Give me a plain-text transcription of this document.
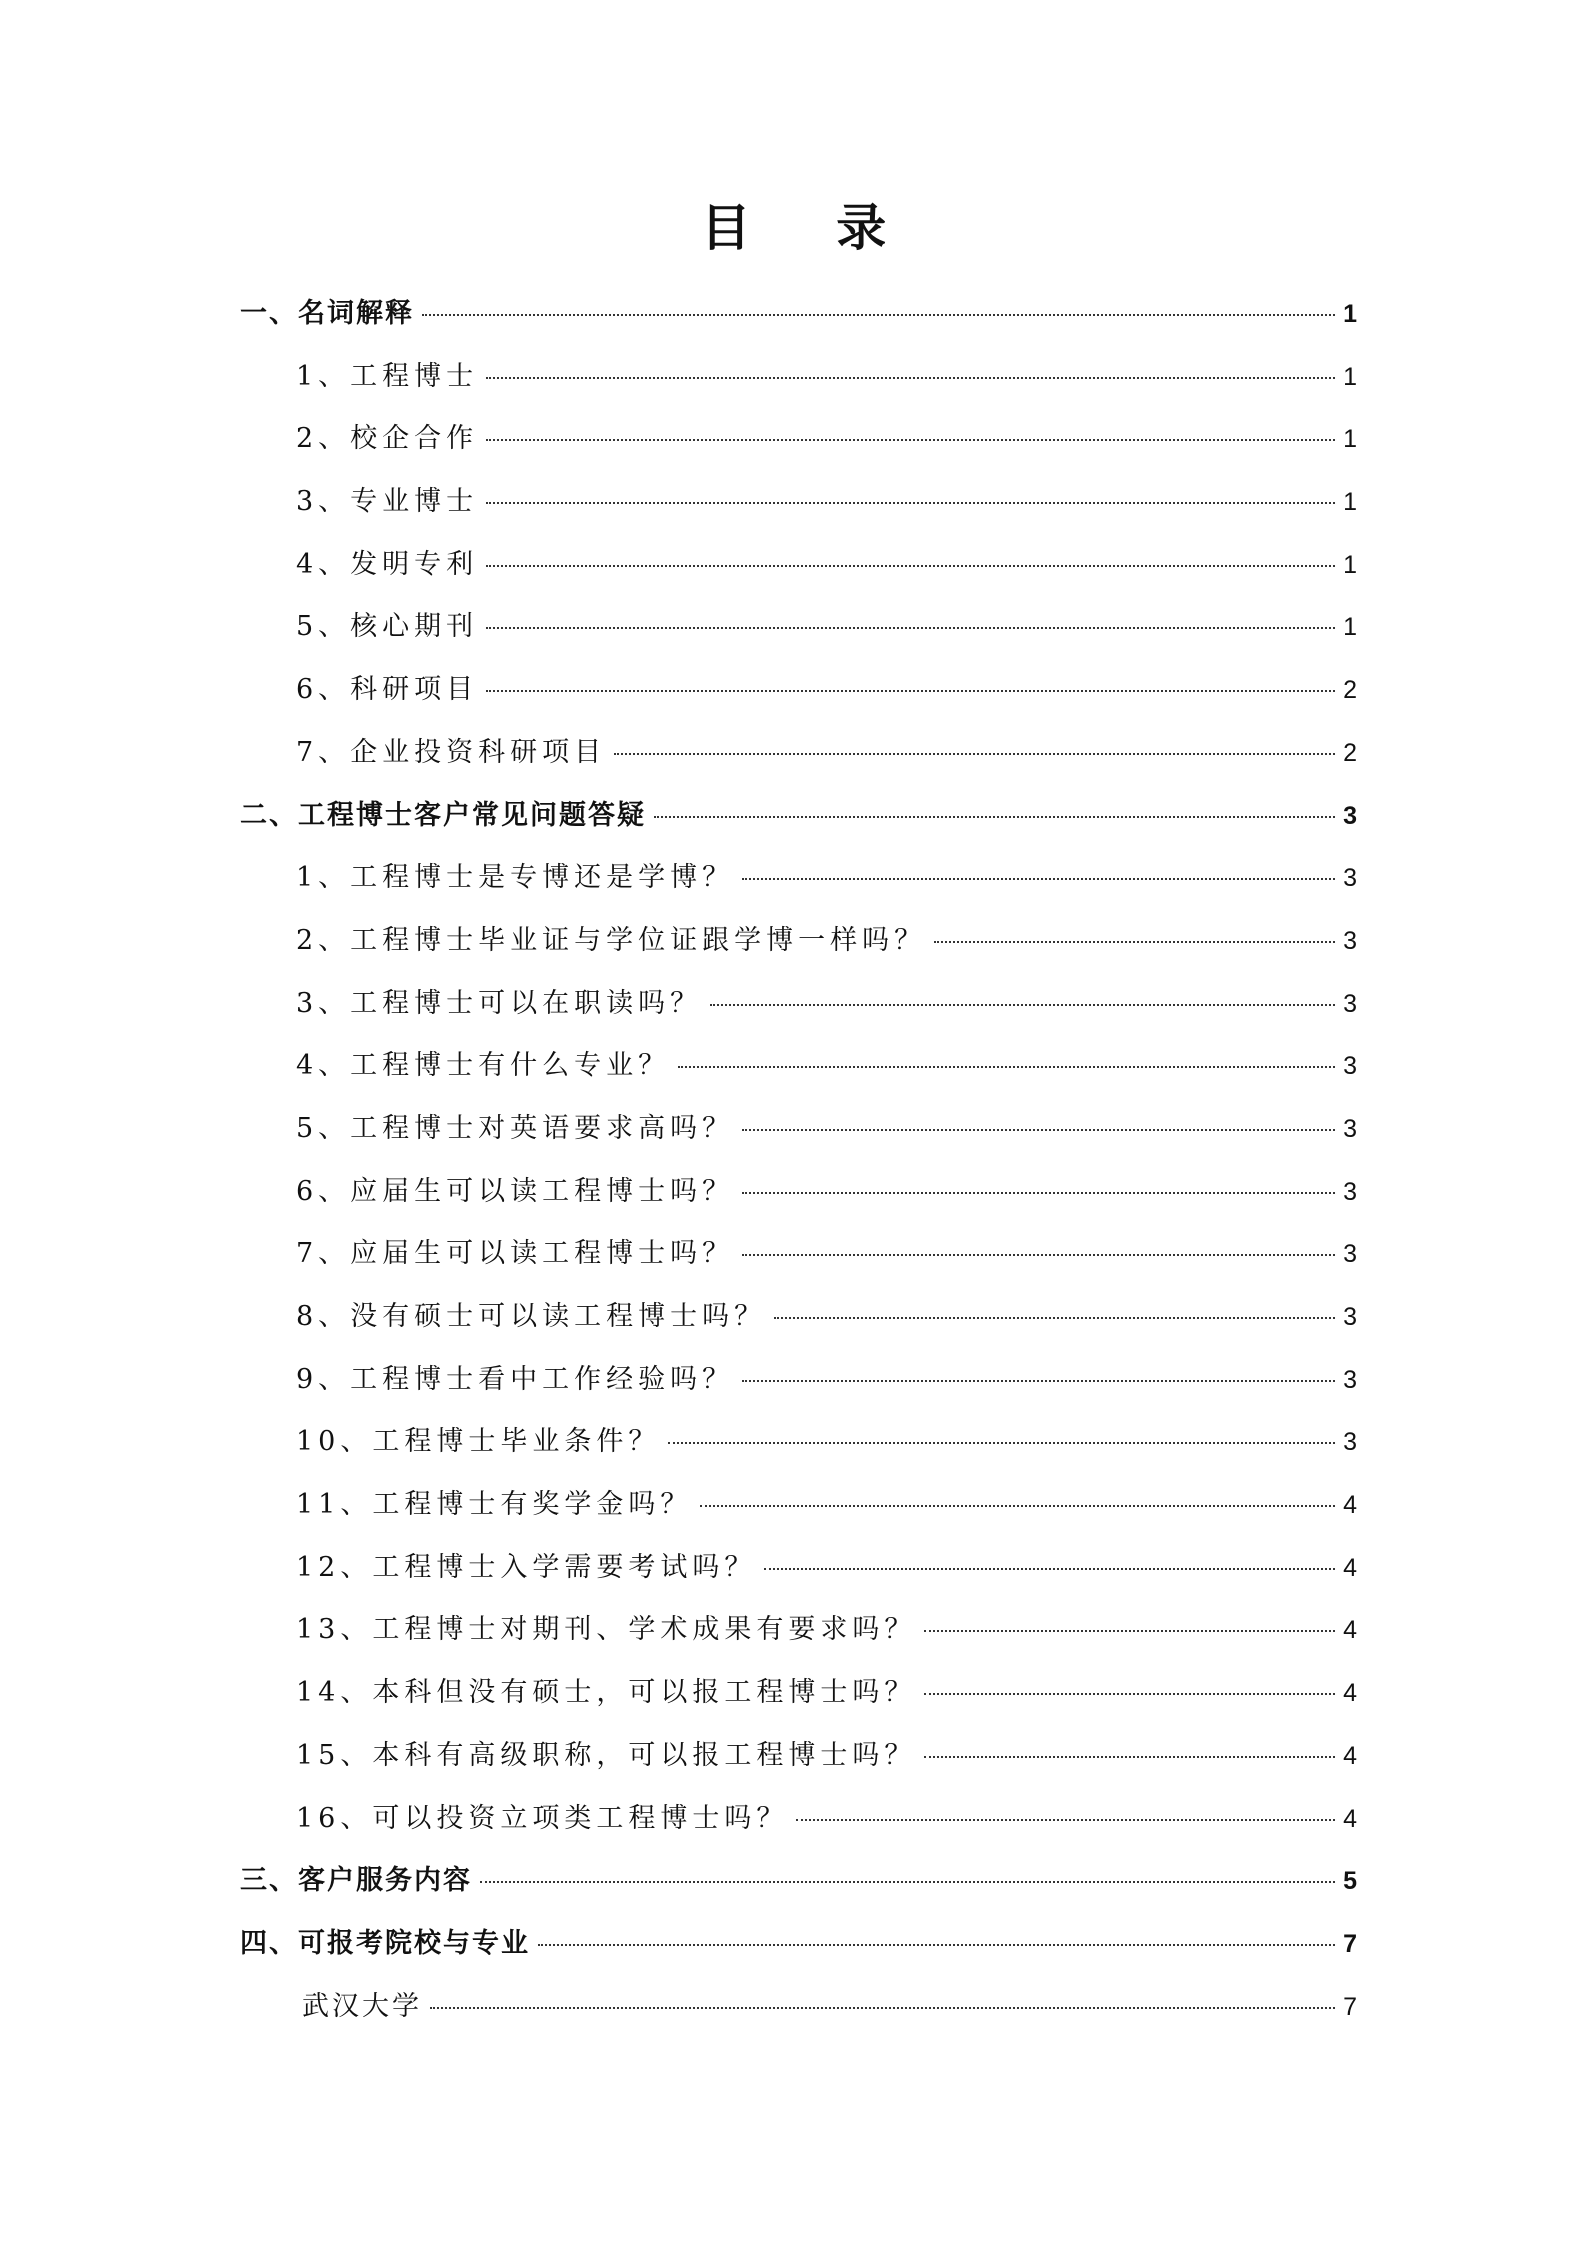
目 录
一、名词解释	1
1、工程博士	1
2、校企合作	1
3、专业博士	1
4、发明专利	1
5、核心期刊	1
6、科研项目	2
7、企业投资科研项目	2
二、工程博士客户常见问题答疑	3
1、工程博士是专博还是学博？	3
2、工程博士毕业证与学位证跟学博一样吗？	3
3、工程博士可以在职读吗？	3
4、工程博士有什么专业？	3
5、工程博士对英语要求高吗？	3
6、应届生可以读工程博士吗？	3
7、应届生可以读工程博士吗？	3
8、没有硕士可以读工程博士吗？	3
9、工程博士看中工作经验吗？	3
10、工程博士毕业条件？	3
11、工程博士有奖学金吗？	4
12、工程博士入学需要考试吗？	4
13、工程博士对期刊、学术成果有要求吗？	4
14、本科但没有硕士，可以报工程博士吗？	4
15、本科有高级职称，可以报工程博士吗？	4
16、可以投资立项类工程博士吗？	4
三、客户服务内容	5
四、可报考院校与专业	7
武汉大学	7
